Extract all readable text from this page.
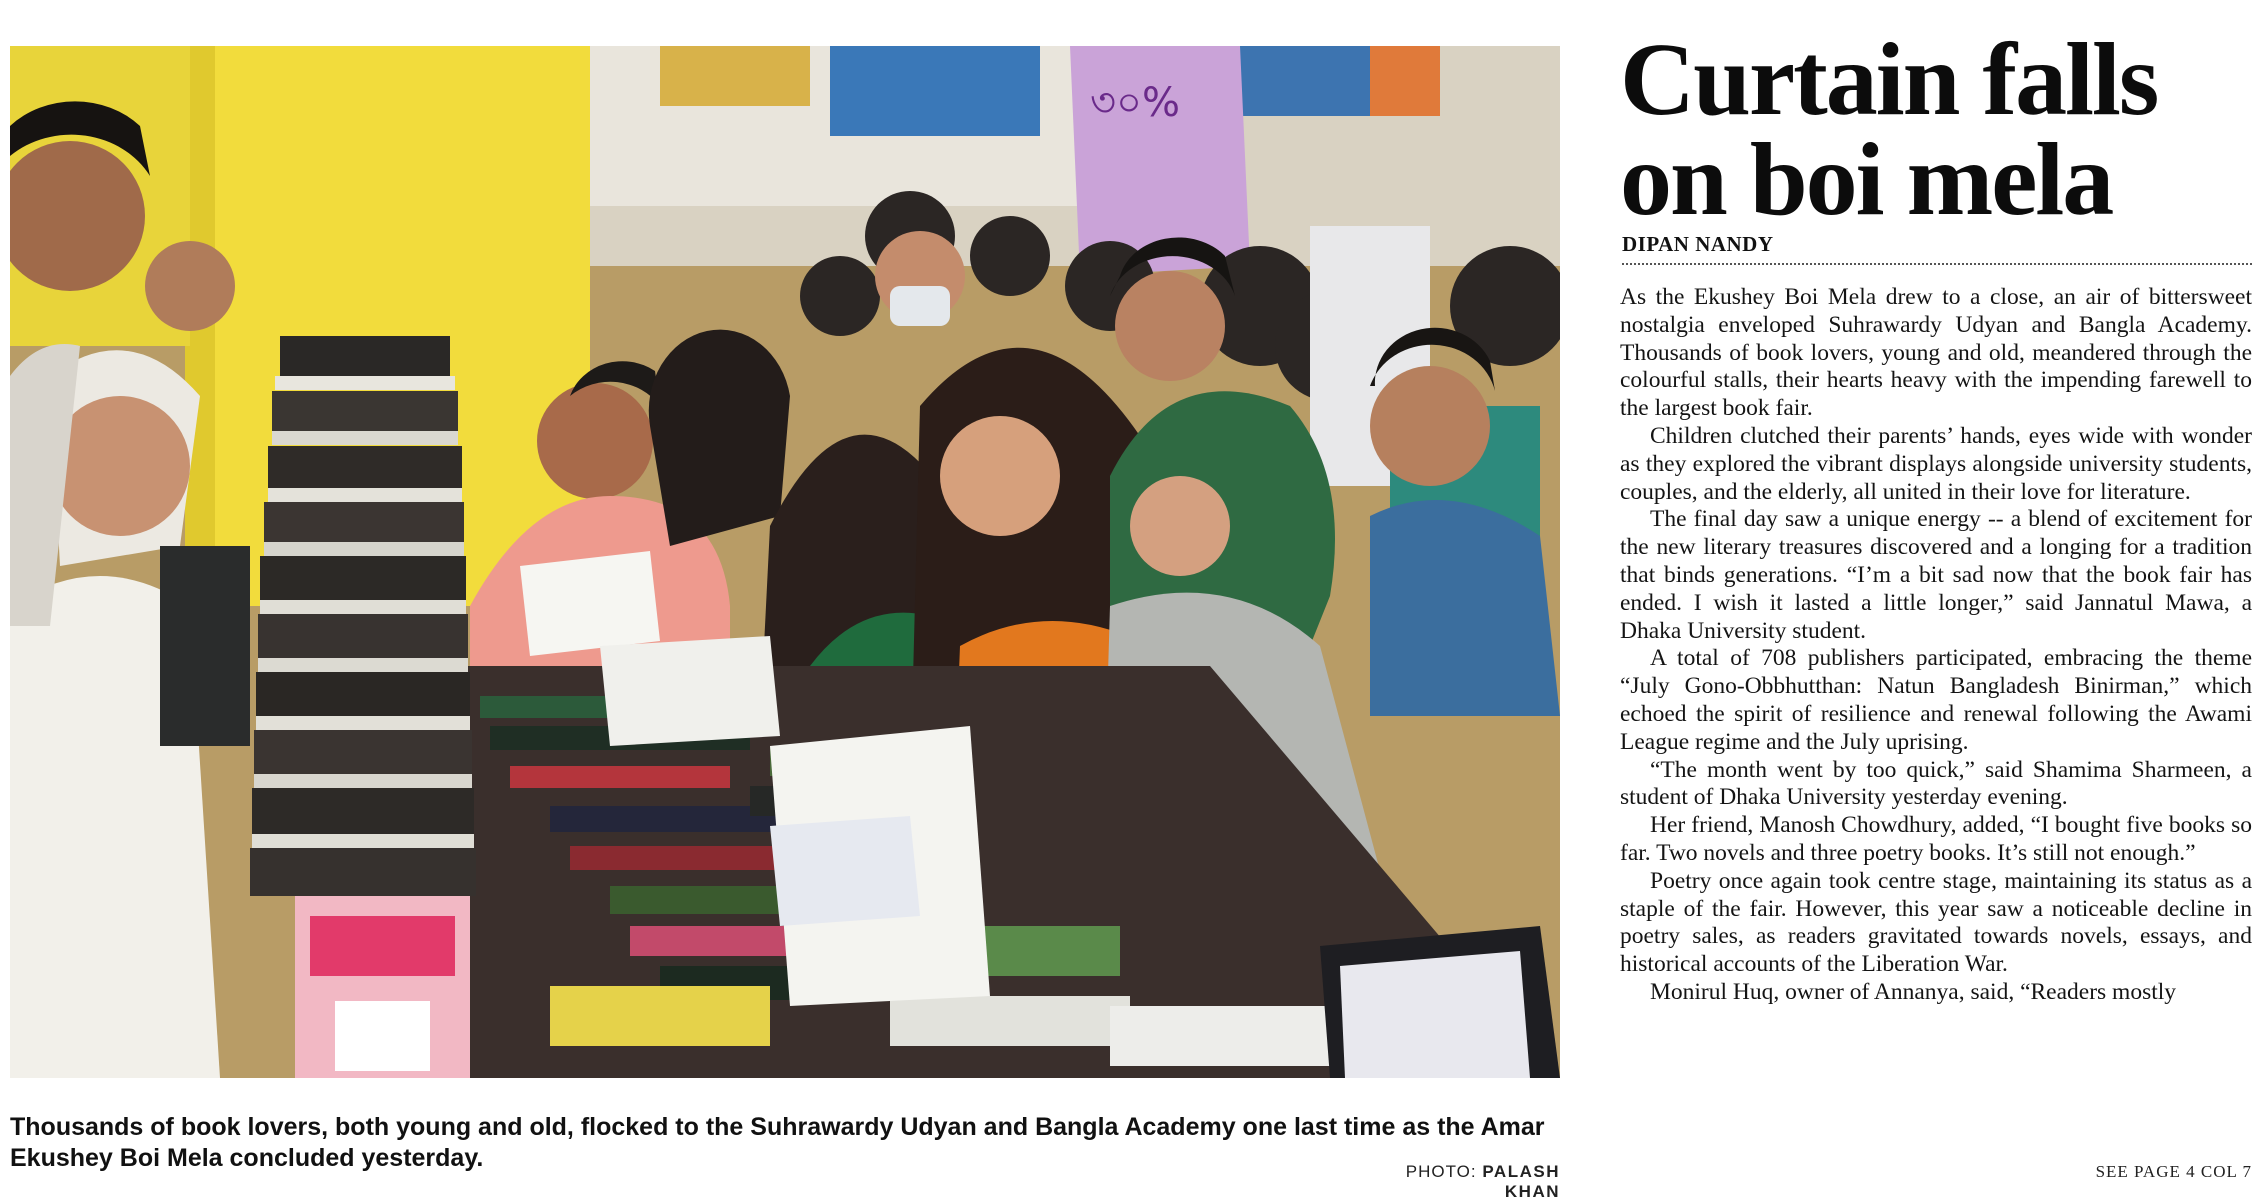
৩০%
Thousands of book lovers, both young and old, flocked to the Suhrawardy Udyan and Bangla Academy one last time as the Amar Ekushey Boi Mela concluded yesterday.	PHOTO: PALASH KHAN
Curtain falls
on boi mela
DIPAN NANDY

As the Ekushey Boi Mela drew to a close, an air of bittersweet nostalgia enveloped Suhrawardy Udyan and Bangla Academy. Thousands of book lovers, young and old, meandered through the colourful stalls, their hearts heavy with the impending farewell to the largest book fair.

Children clutched their parents’ hands, eyes wide with wonder as they explored the vibrant displays alongside university students, couples, and the elderly, all united in their love for literature.

The final day saw a unique energy -- a blend of excitement for the new literary treasures discovered and a longing for a tradition that binds generations. “I’m a bit sad now that the book fair has ended. I wish it lasted a little longer,” said Jannatul Mawa, a Dhaka University student.

A total of 708 publishers participated, embracing the theme “July Gono-Obbhutthan: Natun Bangladesh Binirman,” which echoed the spirit of resilience and renewal following the Awami League regime and the July uprising.

“The month went by too quick,” said Shamima Sharmeen, a student of Dhaka University yesterday evening.

Her friend, Manosh Chowdhury, added, “I bought five books so far. Two novels and three poetry books. It’s still not enough.”

Poetry once again took centre stage, maintaining its status as a staple of the fair. However, this year saw a noticeable decline in poetry sales, as readers gravitated towards novels, essays, and historical accounts of the Liberation War.

Monirul Huq, owner of Annanya, said, “Readers mostly

SEE PAGE 4 COL 7
